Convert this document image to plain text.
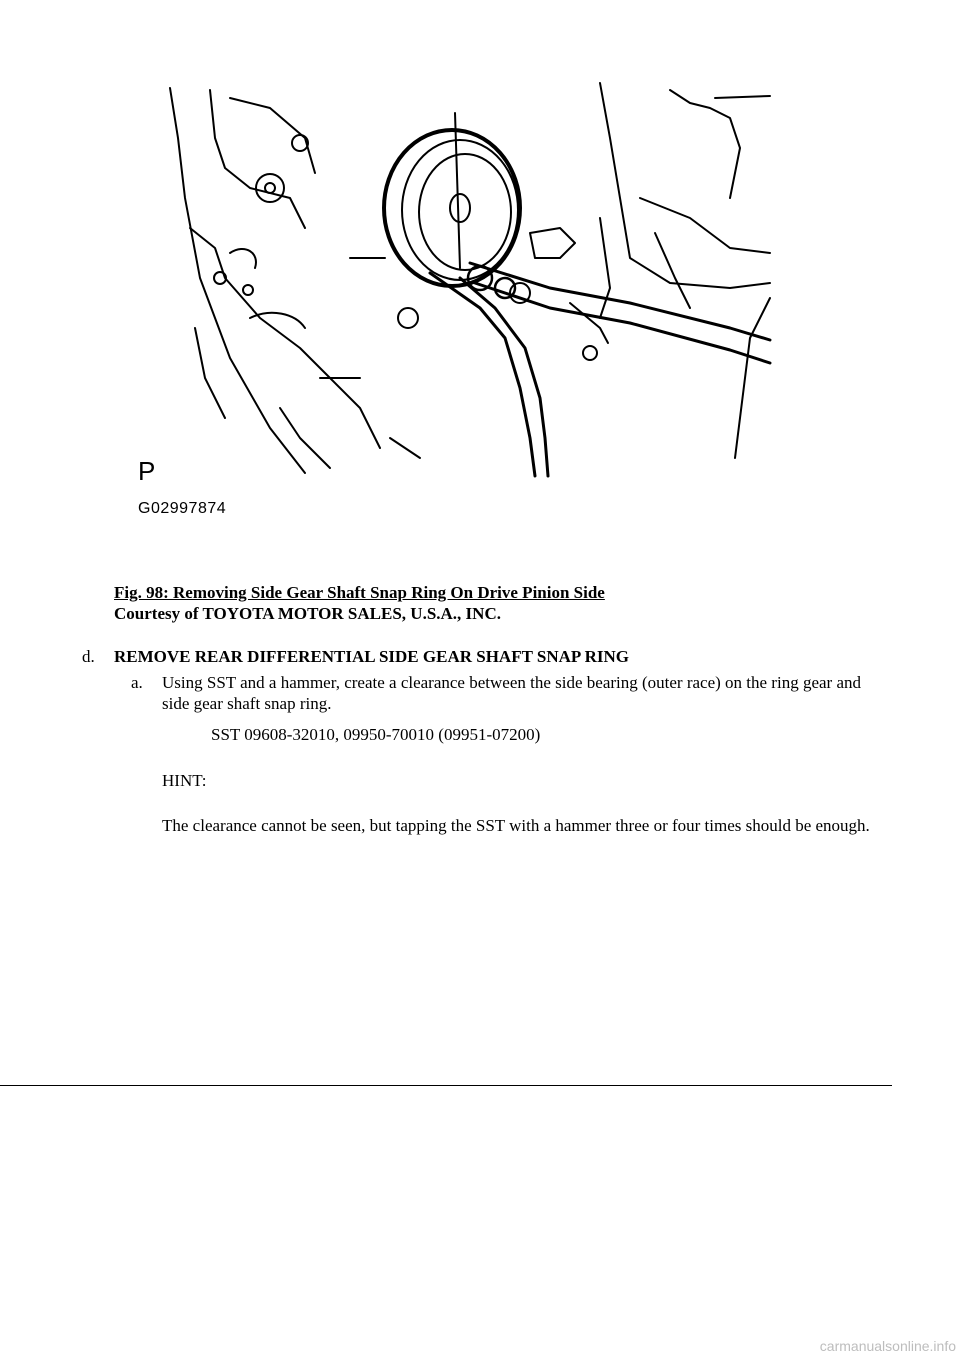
P
G02997874
Fig. 98: Removing Side Gear Shaft Snap Ring On Drive Pinion Side
Courtesy of TOYOTA MOTOR SALES, U.S.A., INC.
d. REMOVE REAR DIFFERENTIAL SIDE GEAR SHAFT SNAP RING
a. Using SST and a hammer, create a clearance between the side bearing (outer race) on the ring gear and side gear shaft snap ring.
SST 09608-32010, 09950-70010 (09951-07200)
HINT:
The clearance cannot be seen, but tapping the SST with a hammer three or four times should be enough.
carmanualsonline.info
